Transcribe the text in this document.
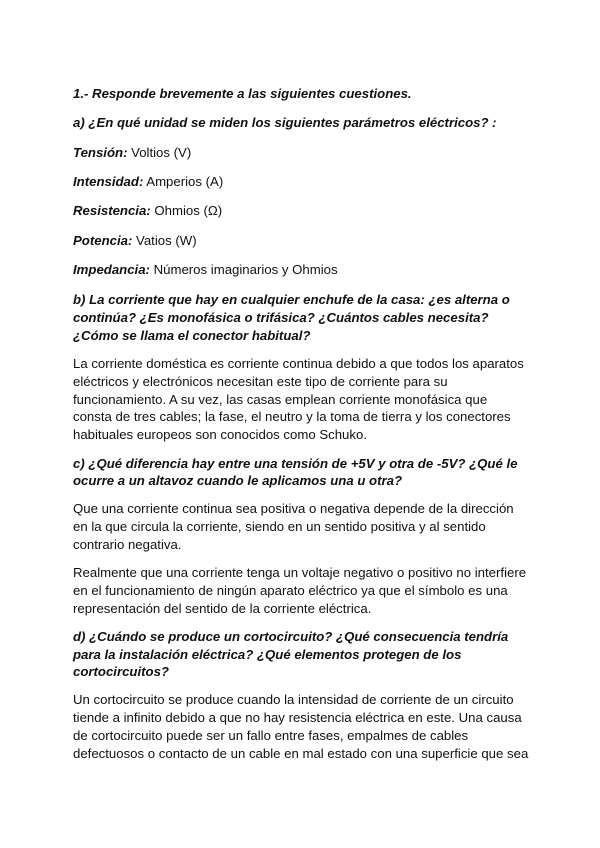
1.- Responde brevemente a las siguientes cuestiones.
a) ¿En qué unidad se miden los siguientes parámetros eléctricos? :
Tensión: Voltios (V)
Intensidad: Amperios (A)
Resistencia: Ohmios (Ω)
Potencia: Vatios (W)
Impedancia: Números imaginarios y Ohmios
b) La corriente que hay en cualquier enchufe de la casa: ¿es alterna o
continúa? ¿Es monofásica o trifásica? ¿Cuántos cables necesita?
¿Cómo se llama el conector habitual?
La corriente doméstica es corriente continua debido a que todos los aparatos
eléctricos y electrónicos necesitan este tipo de corriente para su
funcionamiento. A su vez, las casas emplean corriente monofásica que
consta de tres cables; la fase, el neutro y la toma de tierra y los conectores
habituales europeos son conocidos como Schuko.
c) ¿Qué diferencia hay entre una tensión de +5V y otra de -5V? ¿Qué le
ocurre a un altavoz cuando le aplicamos una u otra?
Que una corriente continua sea positiva o negativa depende de la dirección
en la que circula la corriente, siendo en un sentido positiva y al sentido
contrario negativa.
Realmente que una corriente tenga un voltaje negativo o positivo no interfiere
en el funcionamiento de ningún aparato eléctrico ya que el símbolo es una
representación del sentido de la corriente eléctrica.
d) ¿Cuándo se produce un cortocircuito? ¿Qué consecuencia tendría
para la instalación eléctrica? ¿Qué elementos protegen de los
cortocircuitos?
Un cortocircuito se produce cuando la intensidad de corriente de un circuito
tiende a infinito debido a que no hay resistencia eléctrica en este. Una causa
de cortocircuito puede ser un fallo entre fases, empalmes de cables
defectuosos o contacto de un cable en mal estado con una superficie que sea
